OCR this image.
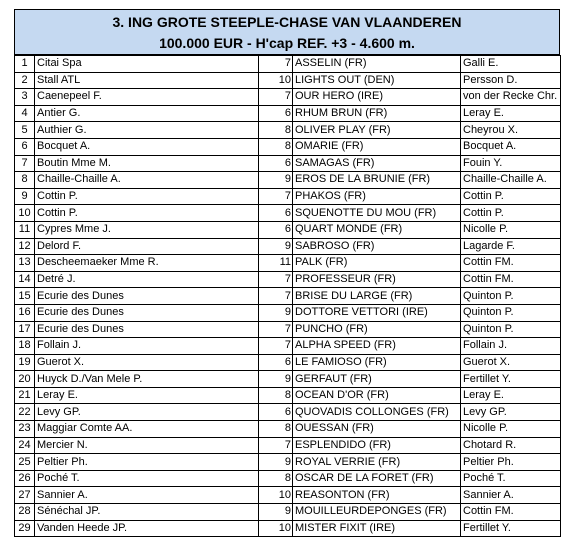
3. ING GROTE STEEPLE-CHASE VAN VLAANDEREN
100.000 EUR - H'cap REF. +3 - 4.600 m.
1	Citai Spa	7	ASSELIN (FR)	Galli E.
2	Stall ATL	10	LIGHTS OUT (DEN)	Persson D.
3	Caenepeel F.	7	OUR HERO (IRE)	von der Recke Chr.
4	Antier G.	6	RHUM BRUN (FR)	Leray E.
5	Authier G.	8	OLIVER PLAY (FR)	Cheyrou X.
6	Bocquet A.	8	OMARIE (FR)	Bocquet A.
7	Boutin Mme M.	6	SAMAGAS (FR)	Fouin Y.
8	Chaille-Chaille A.	9	EROS DE LA BRUNIE (FR)	Chaille-Chaille A.
9	Cottin P.	7	PHAKOS (FR)	Cottin P.
10	Cottin P.	6	SQUENOTTE DU MOU (FR)	Cottin P.
11	Cypres Mme J.	6	QUART MONDE (FR)	Nicolle P.
12	Delord F.	9	SABROSO (FR)	Lagarde F.
13	Descheemaeker Mme R.	11	PALK (FR)	Cottin FM.
14	Detré J.	7	PROFESSEUR (FR)	Cottin FM.
15	Ecurie des Dunes	7	BRISE DU LARGE (FR)	Quinton P.
16	Ecurie des Dunes	9	DOTTORE VETTORI (IRE)	Quinton P.
17	Ecurie des Dunes	7	PUNCHO (FR)	Quinton P.
18	Follain J.	7	ALPHA SPEED (FR)	Follain J.
19	Guerot X.	6	LE FAMIOSO (FR)	Guerot X.
20	Huyck D./Van Mele P.	9	GERFAUT (FR)	Fertillet Y.
21	Leray E.	8	OCEAN D'OR (FR)	Leray E.
22	Levy GP.	6	QUOVADIS COLLONGES (FR)	Levy GP.
23	Maggiar Comte AA.	8	OUESSAN (FR)	Nicolle P.
24	Mercier N.	7	ESPLENDIDO (FR)	Chotard R.
25	Peltier Ph.	9	ROYAL VERRIE (FR)	Peltier Ph.
26	Poché T.	8	OSCAR DE LA FORET (FR)	Poché T.
27	Sannier A.	10	REASONTON (FR)	Sannier A.
28	Sénéchal JP.	9	MOUILLEURDEPONGES (FR)	Cottin FM.
29	Vanden Heede JP.	10	MISTER FIXIT (IRE)	Fertillet Y.
